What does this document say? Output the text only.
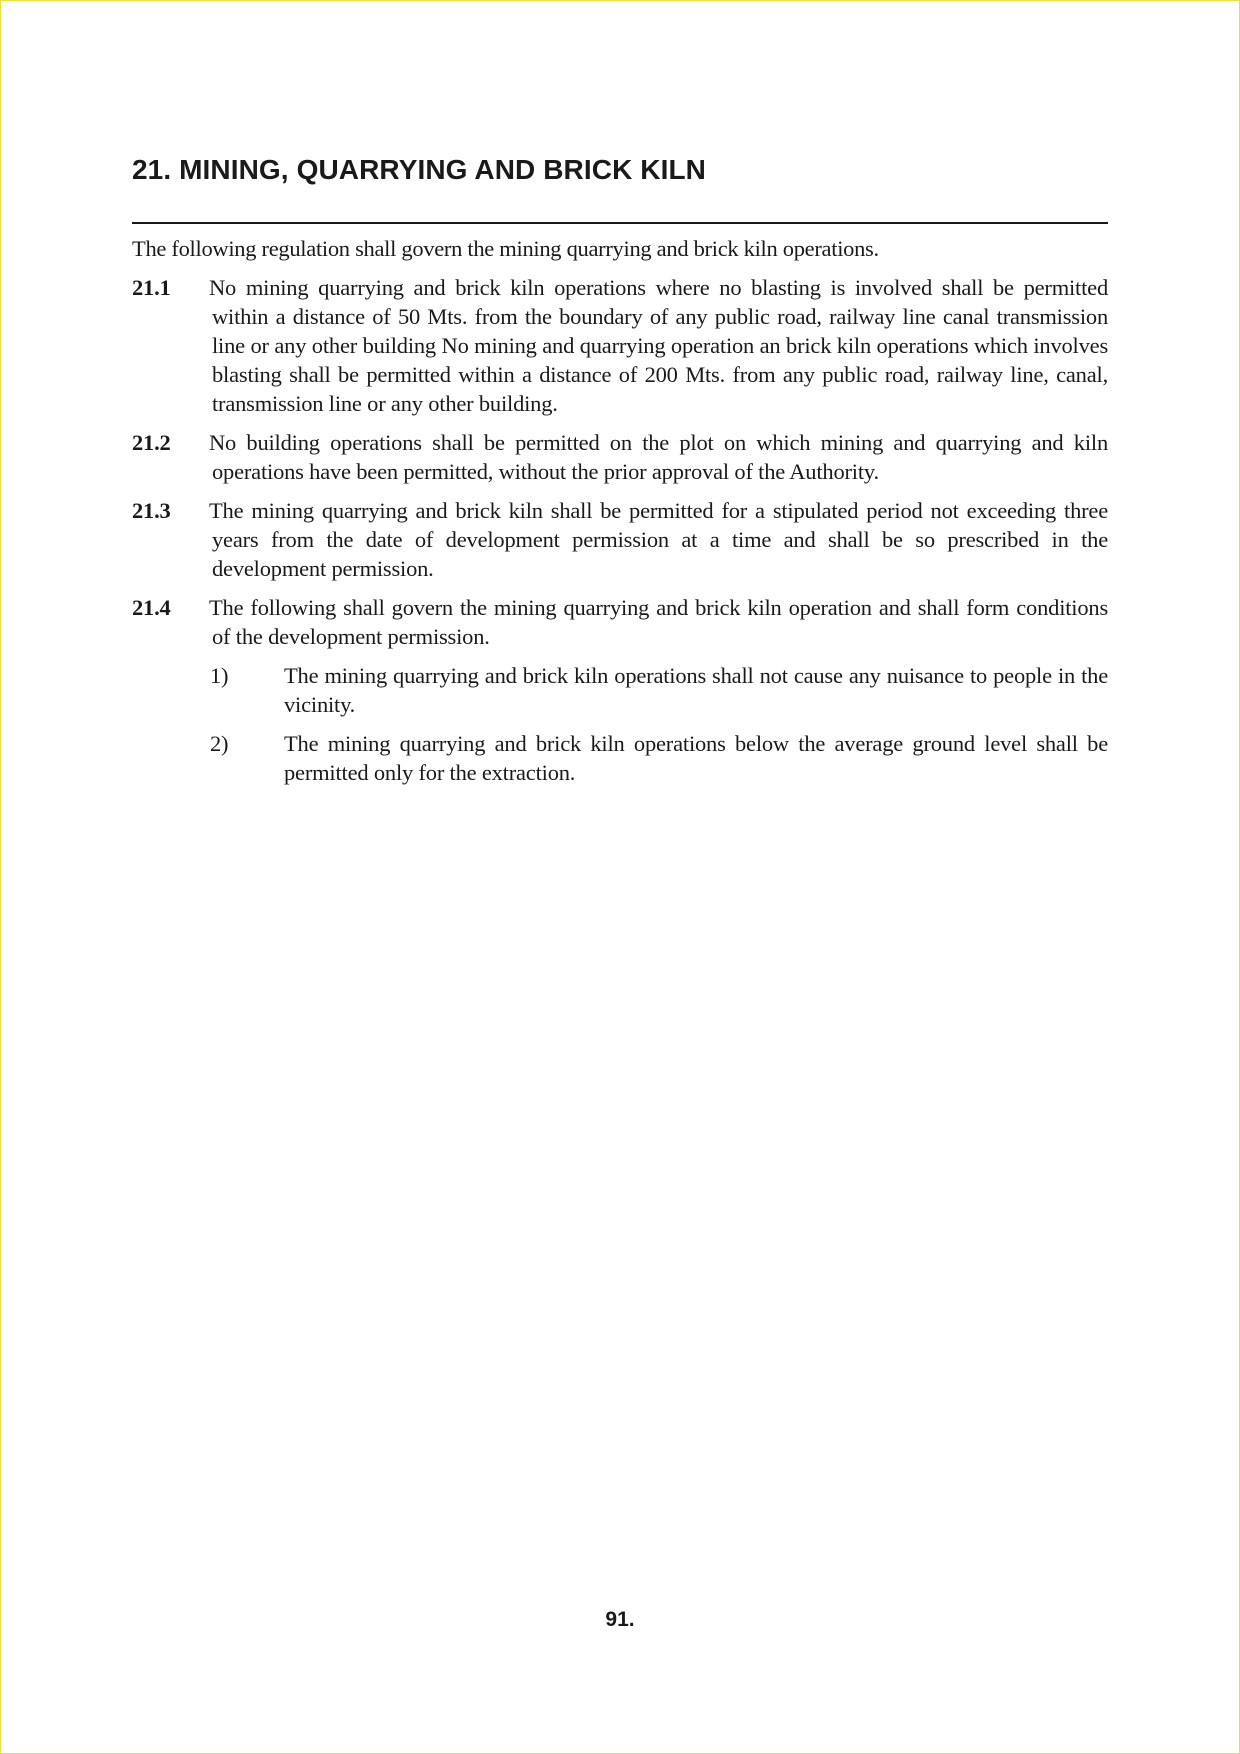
21. MINING, QUARRYING AND BRICK KILN

The following regulation shall govern the mining quarrying and brick kiln operations.

21.1 No mining quarrying and brick kiln operations where no blasting is involved shall be permitted within a distance of 50 Mts. from the boundary of any public road, railway line canal transmission line or any other building No mining and quarrying operation an brick kiln operations which involves blasting shall be permitted within a distance of 200 Mts. from any public road, railway line, canal, transmission line or any other building.
21.2 No building operations shall be permitted on the plot on which mining and quarrying and kiln operations have been permitted, without the prior approval of the Authority.
21.3 The mining quarrying and brick kiln shall be permitted for a stipulated period not exceeding three years from the date of development permission at a time and shall be so prescribed in the development permission.
21.4 The following shall govern the mining quarrying and brick kiln operation and shall form conditions of the development permission.
1) The mining quarrying and brick kiln operations shall not cause any nuisance to people in the vicinity.
2) The mining quarrying and brick kiln operations below the average ground level shall be permitted only for the extraction.
91.
